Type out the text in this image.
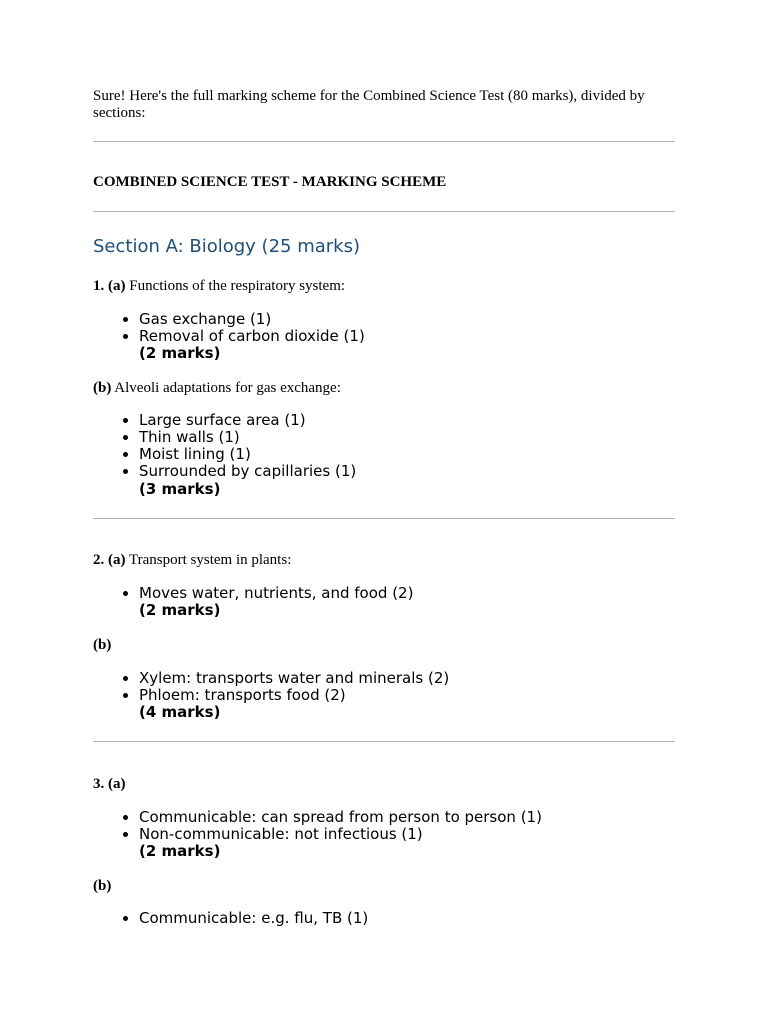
Sure! Here's the full marking scheme for the Combined Science Test (80 marks), divided by sections:

COMBINED SCIENCE TEST - MARKING SCHEME

Section A: Biology (25 marks)

1. (a) Functions of the respiratory system:

• Gas exchange (1)
• Removal of carbon dioxide (1)

(2 marks)

(b) Alveoli adaptations for gas exchange:

• Large surface area (1)
• Thin walls (1)
• Moist lining (1)
• Surrounded by capillaries (1)

(3 marks)

2. (a) Transport system in plants:

• Moves water, nutrients, and food (2)

(2 marks)

(b)

• Xylem: transports water and minerals (2)
• Phloem: transports food (2)

(4 marks)

3. (a)

• Communicable: can spread from person to person (1)
• Non-communicable: not infectious (1)

(2 marks)

(b)

• Communicable: e.g. flu, TB (1)
